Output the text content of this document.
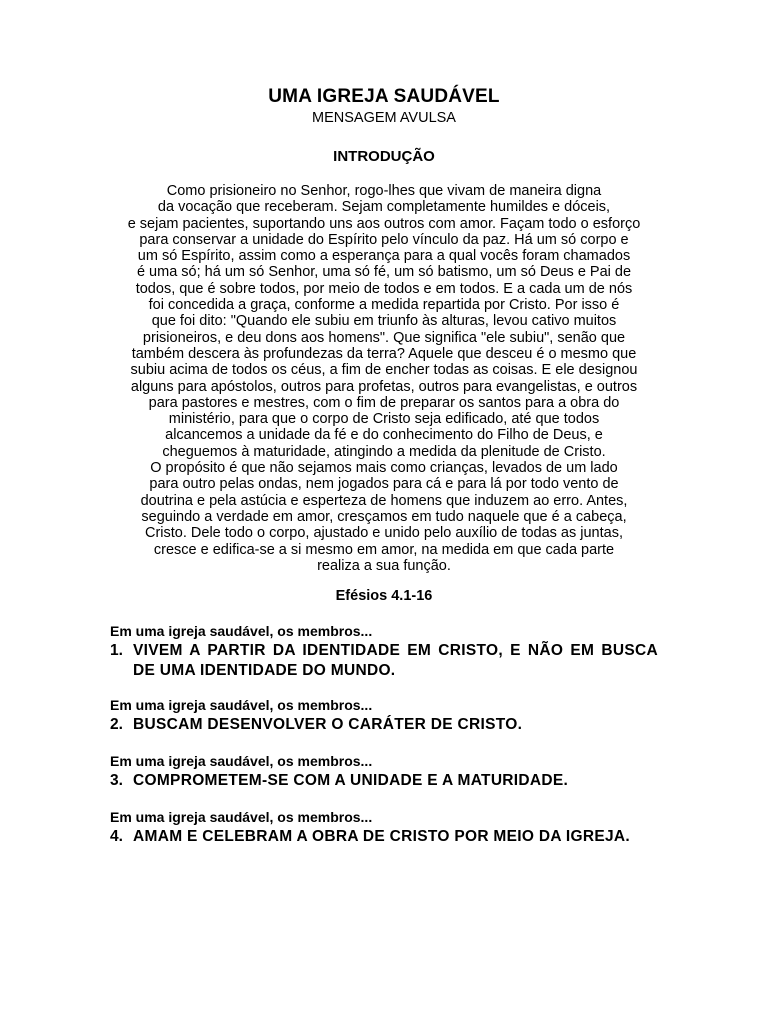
UMA IGREJA SAUDÁVEL
MENSAGEM AVULSA
INTRODUÇÃO
Como prisioneiro no Senhor, rogo-lhes que vivam de maneira digna
da vocação que receberam. Sejam completamente humildes e dóceis,
e sejam pacientes, suportando uns aos outros com amor. Façam todo o esforço
para conservar a unidade do Espírito pelo vínculo da paz. Há um só corpo e
um só Espírito, assim como a esperança para a qual vocês foram chamados
é uma só; há um só Senhor, uma só fé, um só batismo, um só Deus e Pai de
todos, que é sobre todos, por meio de todos e em todos. E a cada um de nós
foi concedida a graça, conforme a medida repartida por Cristo. Por isso é
que foi dito: "Quando ele subiu em triunfo às alturas, levou cativo muitos
prisioneiros, e deu dons aos homens". Que significa "ele subiu", senão que
também descera às profundezas da terra? Aquele que desceu é o mesmo que
subiu acima de todos os céus, a fim de encher todas as coisas. E ele designou
alguns para apóstolos, outros para profetas, outros para evangelistas, e outros
para pastores e mestres, com o fim de preparar os santos para a obra do
ministério, para que o corpo de Cristo seja edificado, até que todos
alcancemos a unidade da fé e do conhecimento do Filho de Deus, e
cheguemos à maturidade, atingindo a medida da plenitude de Cristo.
O propósito é que não sejamos mais como crianças, levados de um lado
para outro pelas ondas, nem jogados para cá e para lá por todo vento de
doutrina e pela astúcia e esperteza de homens que induzem ao erro. Antes,
seguindo a verdade em amor, cresçamos em tudo naquele que é a cabeça,
Cristo. Dele todo o corpo, ajustado e unido pelo auxílio de todas as juntas,
cresce e edifica-se a si mesmo em amor, na medida em que cada parte
realiza a sua função.
Efésios 4.1-16
Em uma igreja saudável, os membros...
1. VIVEM A PARTIR DA IDENTIDADE EM CRISTO, E NÃO EM BUSCA DE UMA IDENTIDADE DO MUNDO.
Em uma igreja saudável, os membros...
2. BUSCAM DESENVOLVER O CARÁTER DE CRISTO.
Em uma igreja saudável, os membros...
3. COMPROMETEM-SE COM A UNIDADE E A MATURIDADE.
Em uma igreja saudável, os membros...
4. AMAM E CELEBRAM A OBRA DE CRISTO POR MEIO DA IGREJA.
